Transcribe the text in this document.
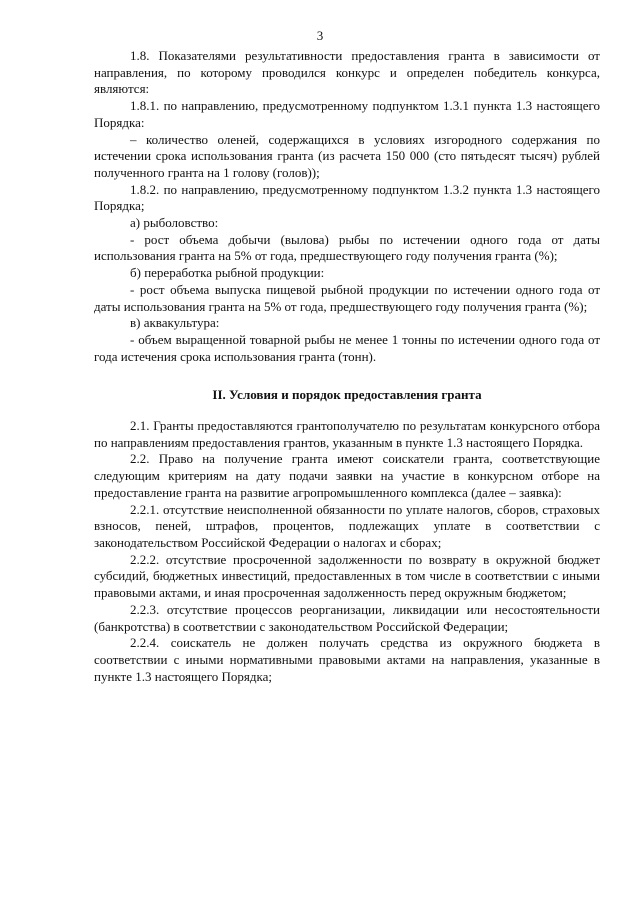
3

1.8. Показателями результативности предоставления гранта в зависимости от направления, по которому проводился конкурс и определен победитель конкурса, являются:

1.8.1. по направлению, предусмотренному подпунктом 1.3.1 пункта 1.3 настоящего Порядка:

– количество оленей, содержащихся в условиях изгородного содержания по истечении срока использования гранта (из расчета 150 000 (сто пятьдесят тысяч) рублей полученного гранта на 1 голову (голов));

1.8.2. по направлению, предусмотренному подпунктом 1.3.2 пункта 1.3 настоящего Порядка;

а) рыболовство:

- рост объема добычи (вылова) рыбы по истечении одного года от даты использования гранта на 5% от года, предшествующего году получения гранта (%);

б) переработка рыбной продукции:

- рост объема выпуска пищевой рыбной продукции по истечении одного года от даты использования гранта на 5% от года, предшествующего году получения гранта (%);

в) аквакультура:

- объем выращенной товарной рыбы не менее 1 тонны по истечении одного года от года истечения срока использования гранта (тонн).

II. Условия и порядок предоставления гранта

2.1. Гранты предоставляются грантополучателю по результатам конкурсного отбора по направлениям предоставления грантов, указанным в пункте 1.3 настоящего Порядка.

2.2. Право на получение гранта имеют соискатели гранта, соответствующие следующим критериям на дату подачи заявки на участие в конкурсном отборе на предоставление гранта на развитие агропромышленного комплекса (далее – заявка):

2.2.1. отсутствие неисполненной обязанности по уплате налогов, сборов, страховых взносов, пеней, штрафов, процентов, подлежащих уплате в соответствии с законодательством Российской Федерации о налогах и сборах;

2.2.2. отсутствие просроченной задолженности по возврату в окружной бюджет субсидий, бюджетных инвестиций, предоставленных в том числе в соответствии с иными правовыми актами, и иная просроченная задолженность перед окружным бюджетом;

2.2.3. отсутствие процессов реорганизации, ликвидации или несостоятельности (банкротства) в соответствии с законодательством Российской Федерации;

2.2.4. соискатель не должен получать средства из окружного бюджета в соответствии с иными нормативными правовыми актами на направления, указанные в пункте 1.3 настоящего Порядка;
